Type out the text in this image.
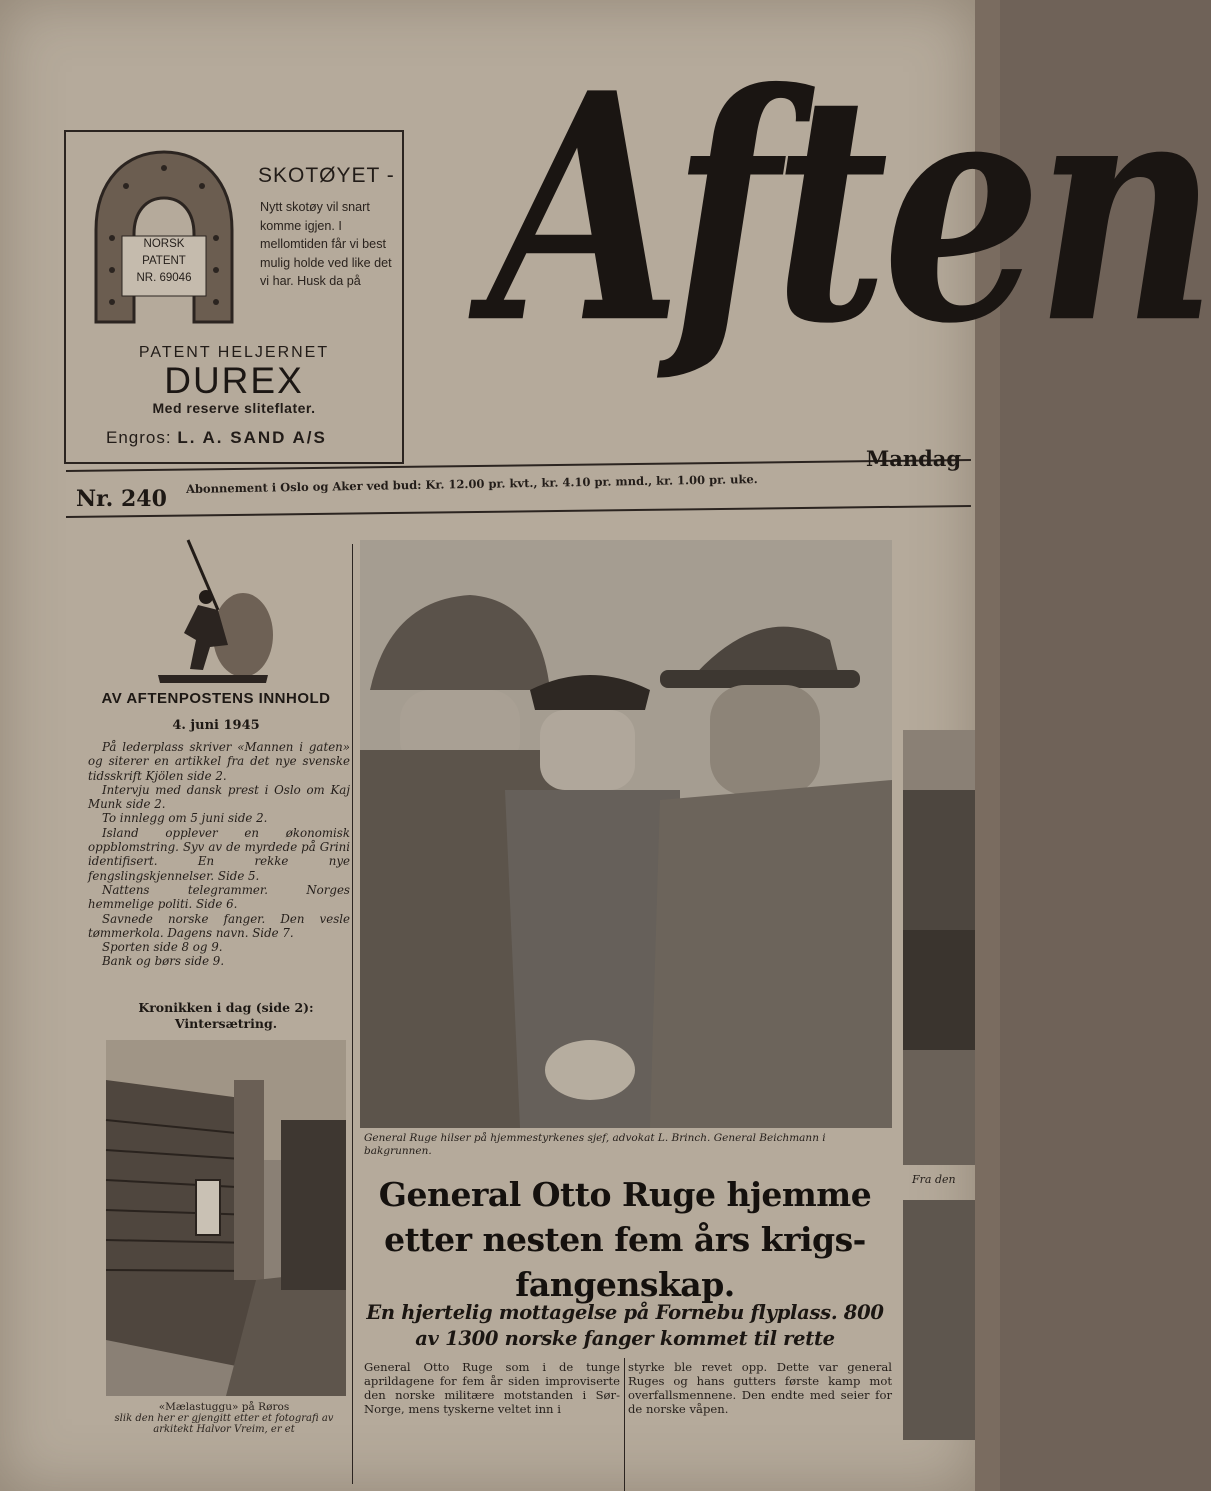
NORSK
PATENT
NR. 69046
SKOTØYET -
Nytt skotøy vil snart komme igjen. I mellomtiden får vi best mulig holde ved like det vi har. Husk da på
PATENT HELJERNET
DUREX
Med reserve sliteflater.
Engros: L. A. SAND A/S
Aften
Mandag
Nr. 240
Abonnement i Oslo og Aker ved bud: Kr. 12.00 pr. kvt., kr. 4.10 pr. mnd., kr. 1.00 pr. uke.
AV AFTENPOSTENS INNHOLD
4. juni 1945

På lederplass skriver «Mannen i gaten» og siterer en artikkel fra det nye svenske tidsskrift Kjölen side 2.

Intervju med dansk prest i Oslo om Kaj Munk side 2.

To innlegg om 5 juni side 2.

Island opplever en økonomisk oppblomstring. Syv av de myrdede på Grini identifisert. En rekke nye fengslingskjennelser. Side 5.

Nattens telegrammer. Norges hemmelige politi. Side 6.

Savnede norske fanger. Den vesle tømmerkola. Dagens navn. Side 7.

Sporten side 8 og 9.

Bank og børs side 9.

Kronikken i dag (side 2):
Vintersætring.
«Mælastuggu» på Røros
slik den her er gjengitt etter et fotografi av arkitekt Halvor Vreim, er et
General Ruge hilser på hjemmestyrkenes sjef, advokat L. Brinch. General Beichmann i bakgrunnen.
General Otto Ruge hjemme etter nesten fem års krigs-fangenskap.
En hjertelig mottagelse på Fornebu flyplass. 800 av 1300 norske fanger kommet til rette
General Otto Ruge som i de tunge aprildagene for fem år siden improviserte den norske militære motstanden i Sør-Norge, mens tyskerne veltet inn i
styrke ble revet opp. Dette var general Ruges og hans gutters første kamp mot overfallsmennene. Den endte med seier for de norske våpen.
Fra den
